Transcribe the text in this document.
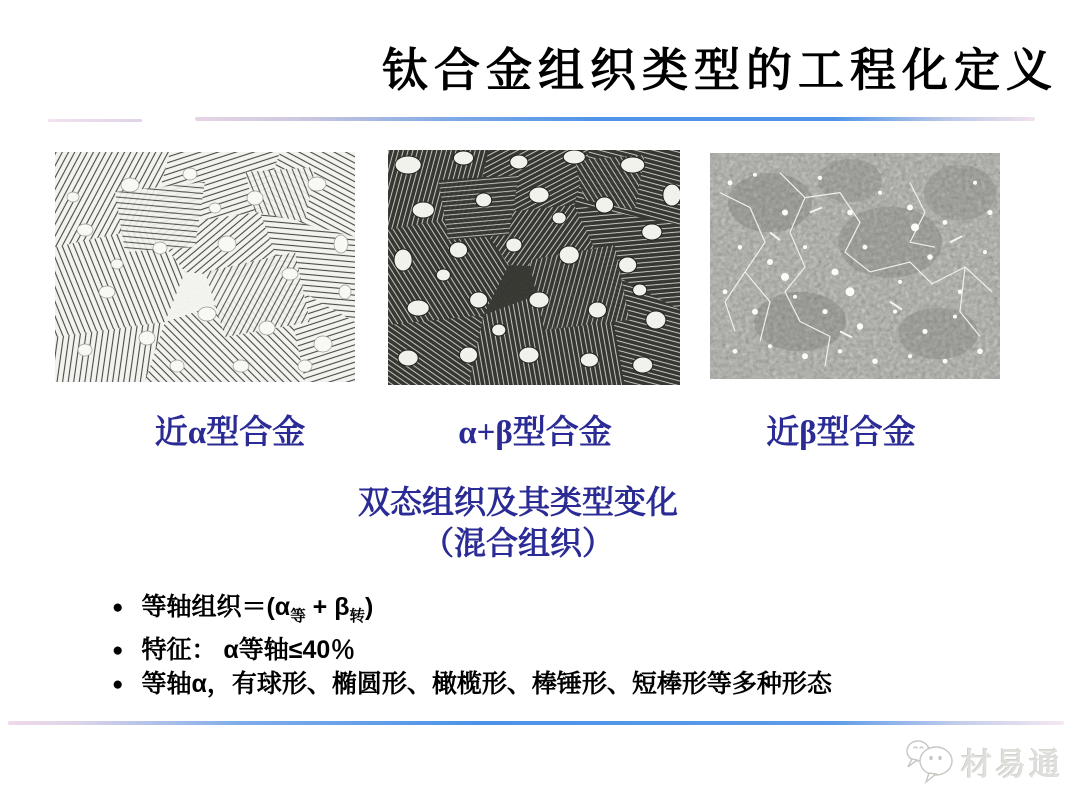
钛合金组织类型的工程化定义
近α型合金	α+β型合金	近β型合金
双态组织及其类型变化
（混合组织）
● 等轴组织$=(\alpha_等 + \beta_转)$
● 特征： α等轴≤40％
● 等轴α，有球形、椭圆形、橄榄形、棒锤形、短棒形等多种形态
材易通
